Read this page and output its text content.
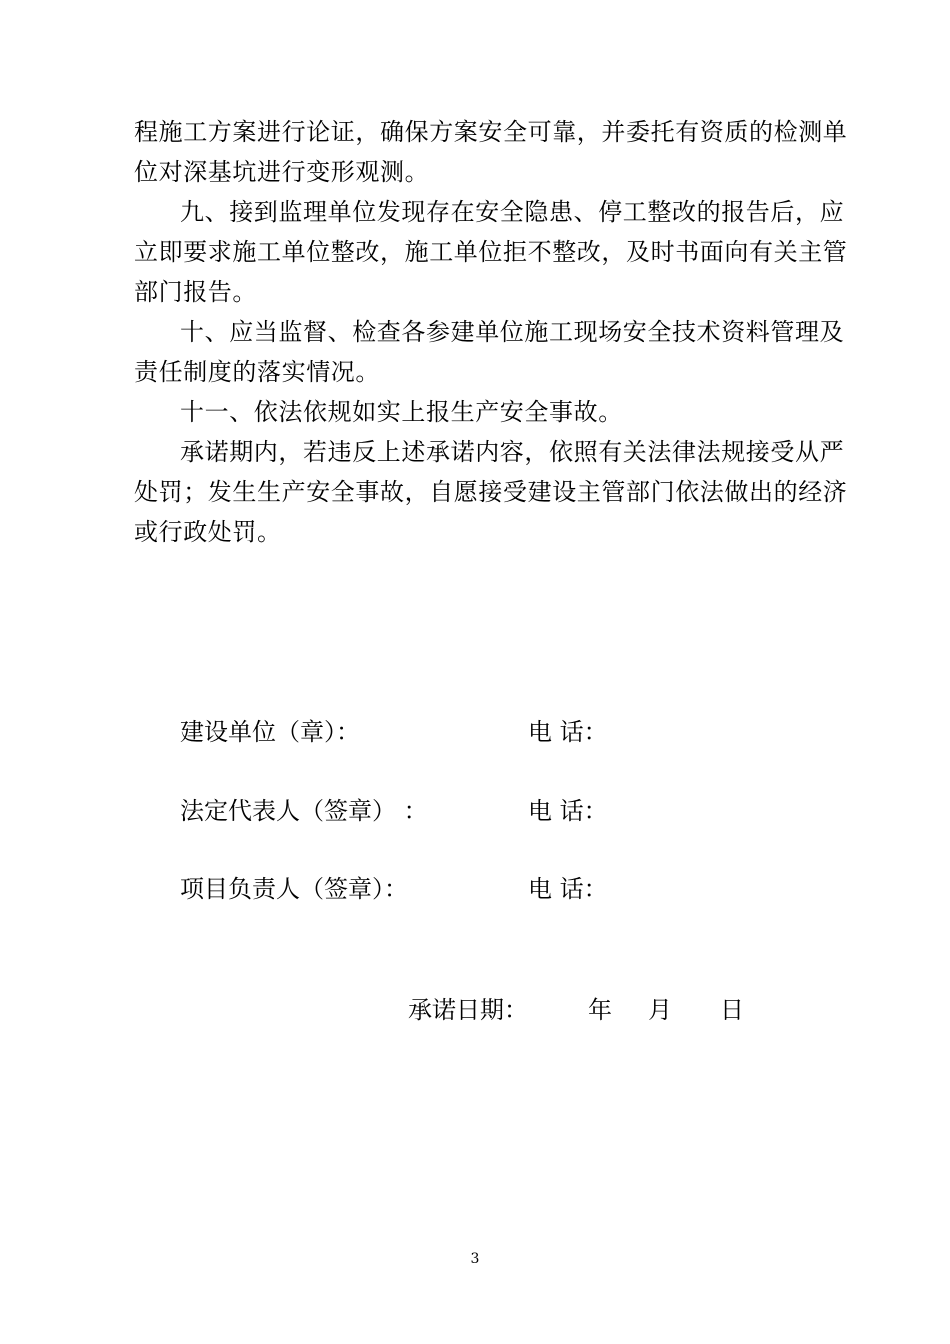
程施工方案进行论证，确保方案安全可靠，并委托有资质的检测单
位对深基坑进行变形观测。
九、接到监理单位发现存在安全隐患、停工整改的报告后，应
立即要求施工单位整改，施工单位拒不整改，及时书面向有关主管
部门报告。
十、应当监督、检查各参建单位施工现场安全技术资料管理及
责任制度的落实情况。
十一、依法依规如实上报生产安全事故。
承诺期内，若违反上述承诺内容，依照有关法律法规接受从严
处罚；发生生产安全事故，自愿接受建设主管部门依法做出的经济
或行政处罚。
建设单位（章）：	电 话：
法定代表人（签章） ：	电 话：
项目负责人（签章）：	电 话：
承诺日期：	年 月 日
3
